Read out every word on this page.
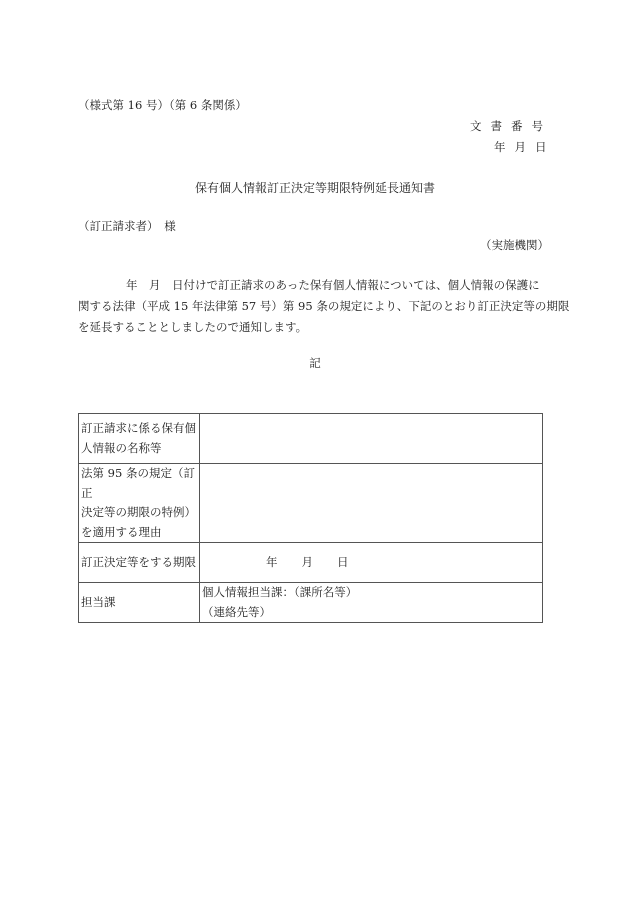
（様式第 16 号）（第 6 条関係）
文書番号
年月日
保有個人情報訂正決定等期限特例延長通知書
（訂正請求者）　様
（実施機関）
年　月　日付けで訂正請求のあった保有個人情報については、個人情報の保護に
関する法律（平成 15 年法律第 57 号）第 95 条の規定により、下記のとおり訂正決定等の期限
を延長することとしましたので通知します。
記
訂正請求に係る保有個
人情報の名称等	

法第 95 条の規定（訂正
決定等の期限の特例）
を適用する理由	

訂正決定等をする期限	年 月 日

担当課	個人情報担当課：（課所名等）
（連絡先等）
